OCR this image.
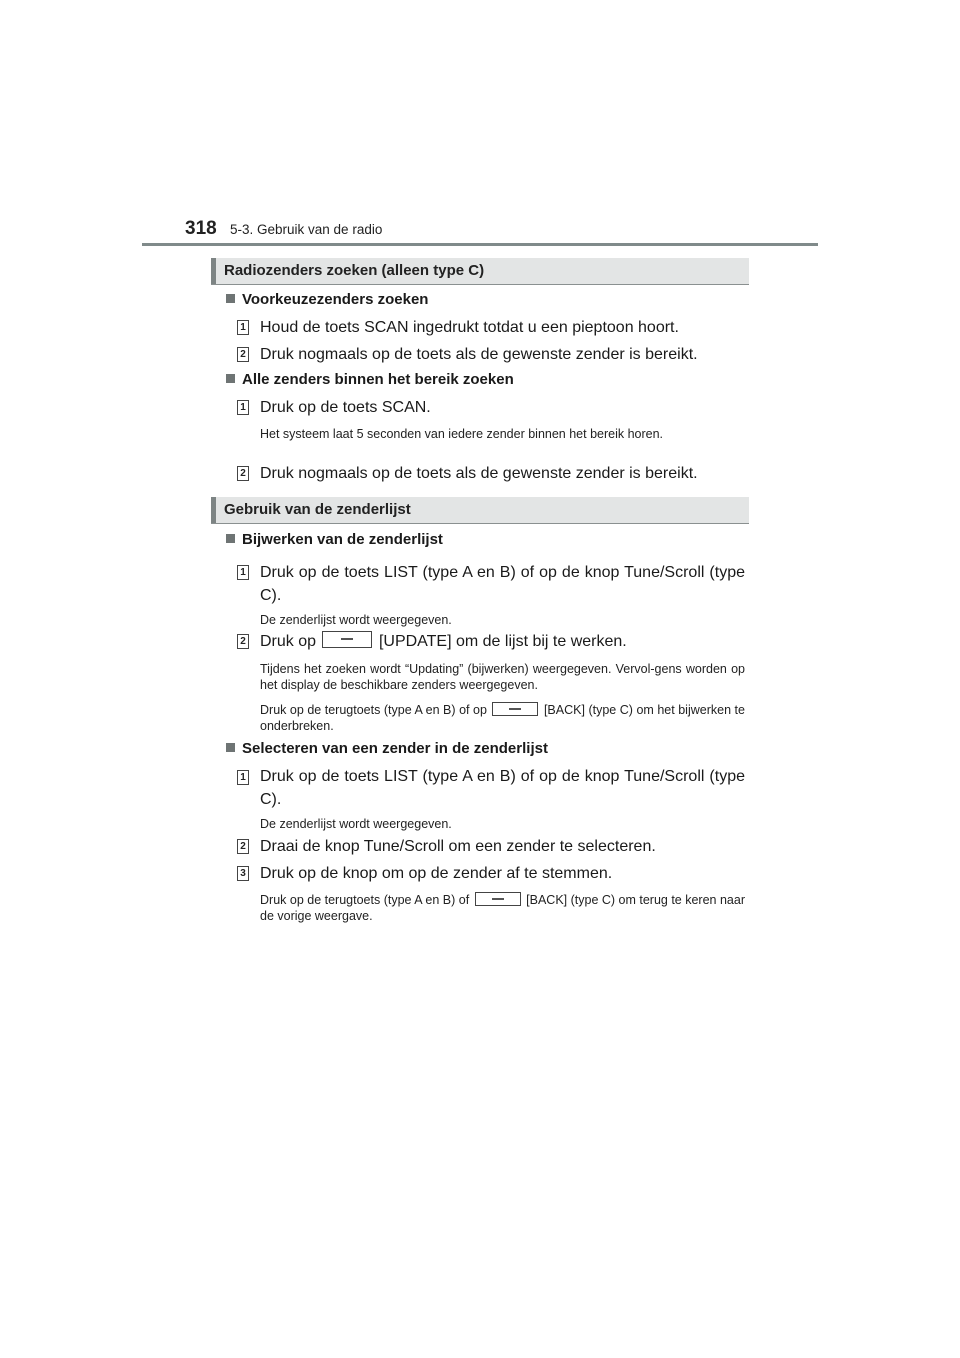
318 5-3. Gebruik van de radio
Radiozenders zoeken (alleen type C)
Voorkeuzezenders zoeken
1 Houd de toets SCAN ingedrukt totdat u een pieptoon hoort.
2 Druk nogmaals op de toets als de gewenste zender is bereikt.
Alle zenders binnen het bereik zoeken
1 Druk op de toets SCAN.
Het systeem laat 5 seconden van iedere zender binnen het bereik horen.
2 Druk nogmaals op de toets als de gewenste zender is bereikt.
Gebruik van de zenderlijst
Bijwerken van de zenderlijst
1 Druk op de toets LIST (type A en B) of op de knop Tune/Scroll (type C).
De zenderlijst wordt weergegeven.
2 Druk op	[UPDATE] om de lijst bij te werken.
Tijdens het zoeken wordt “Updating” (bijwerken) weergegeven. Vervol-gens worden op het display de beschikbare zenders weergegeven.
Druk op de terugtoets (type A en B) of op	[BACK] (type C) om het bijwerken te onderbreken.
Selecteren van een zender in de zenderlijst
1 Druk op de toets LIST (type A en B) of op de knop Tune/Scroll (type C).
De zenderlijst wordt weergegeven.
2 Draai de knop Tune/Scroll om een zender te selecteren.
3 Druk op de knop om op de zender af te stemmen.
Druk op de terugtoets (type A en B) of	[BACK] (type C) om terug te keren naar de vorige weergave.
